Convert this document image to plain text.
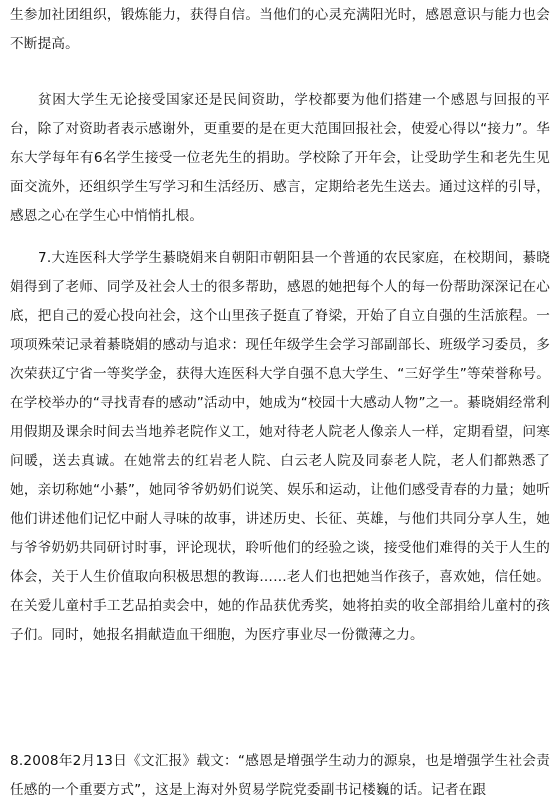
生参加社团组织，锻炼能力，获得自信。当他们的心灵充满阳光时，感恩意识与能力也会不断提高。

贫困大学生无论接受国家还是民间资助，学校都要为他们搭建一个感恩与回报的平台，除了对资助者表示感谢外，更重要的是在更大范围回报社会，使爱心得以“接力”。华东大学每年有6名学生接受一位老先生的捐助。学校除了开年会，让受助学生和老先生见面交流外，还组织学生写学习和生活经历、感言，定期给老先生送去。通过这样的引导，感恩之心在学生心中悄悄扎根。

7.大连医科大学学生綦晓娟来自朝阳市朝阳县一个普通的农民家庭，在校期间，綦晓娟得到了老师、同学及社会人士的很多帮助，感恩的她把每个人的每一份帮助深深记在心底，把自己的爱心投向社会，这个山里孩子挺直了脊梁，开始了自立自强的生活旅程。一项项殊荣记录着綦晓娟的感动与追求：现任年级学生会学习部副部长、班级学习委员，多次荣获辽宁省一等奖学金，获得大连医科大学自强不息大学生、“三好学生”等荣誉称号。在学校举办的“寻找青春的感动”活动中，她成为“校园十大感动人物”之一。綦晓娟经常利用假期及课余时间去当地养老院作义工，她对待老人院老人像亲人一样，定期看望，问寒问暖，送去真诚。在她常去的红岩老人院、白云老人院及同泰老人院，老人们都熟悉了她，亲切称她“小綦”，她同爷爷奶奶们说笑、娱乐和运动，让他们感受青春的力量；她听他们讲述他们记忆中耐人寻味的故事，讲述历史、长征、英雄，与他们共同分享人生，她与爷爷奶奶共同研讨时事，评论现状，聆听他们的经验之谈，接受他们难得的关于人生的体会，关于人生价值取向积极思想的教诲……老人们也把她当作孩子，喜欢她，信任她。在关爱儿童村手工艺品拍卖会中，她的作品获优秀奖，她将拍卖的收全部捐给儿童村的孩子们。同时，她报名捐献造血干细胞，为医疗事业尽一份微薄之力。

8.2008年2月13日《文汇报》载文：“感恩是增强学生动力的源泉，也是增强学生社会责任感的一个重要方式”，这是上海对外贸易学院党委副书记楼巍的话。记者在跟
